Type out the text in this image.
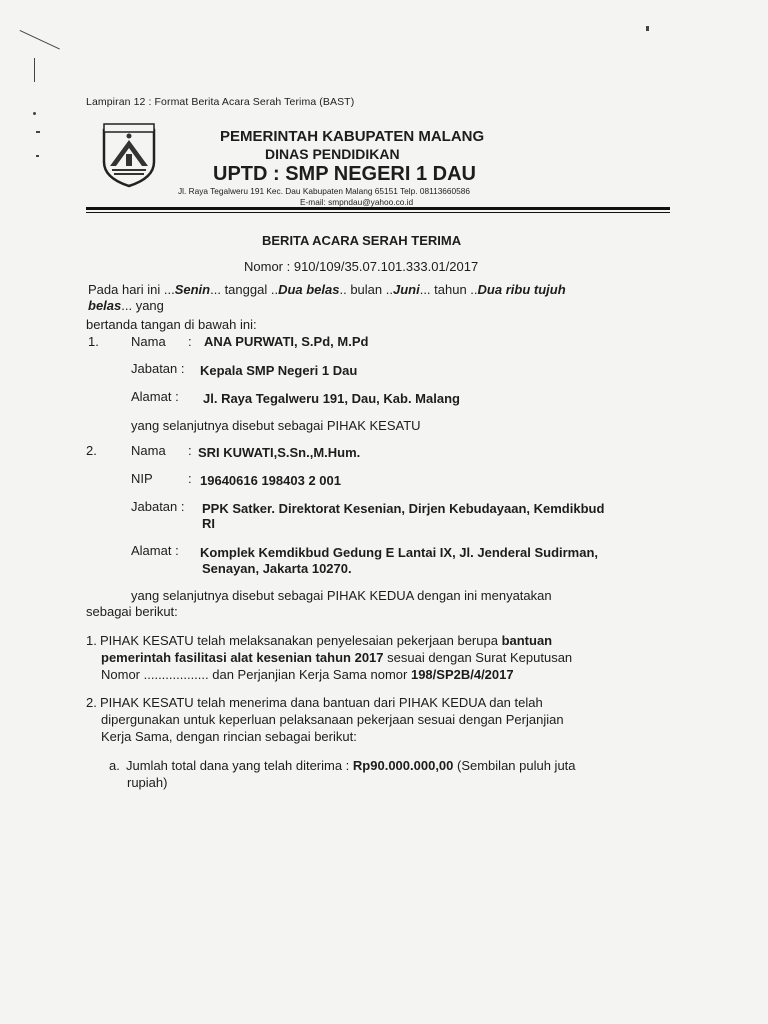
Lampiran 12 : Format Berita Acara Serah Terima (BAST)
PEMERINTAH KABUPATEN MALANG
DINAS PENDIDIKAN
UPTD : SMP NEGERI 1 DAU
Jl. Raya Tegalweru 191 Kec. Dau Kabupaten Malang 65151 Telp. 08113660586
E-mail: smpndau@yahoo.co.id
BERITA ACARA SERAH TERIMA
Nomor : 910/109/35.07.101.333.01/2017
Pada hari ini ...Senin... tanggal ..Dua belas.. bulan ..Juni... tahun ..Dua ribu tujuh
belas... yang
bertanda tangan di bawah ini:
1. Nama : ANA PURWATI, S.Pd, M.Pd
Jabatan : Kepala SMP Negeri 1 Dau
Alamat : Jl. Raya Tegalweru 191, Dau, Kab. Malang
yang selanjutnya disebut sebagai PIHAK KESATU
2.	Nama : SRI KUWATI,S.Sn.,M.Hum.
NIP	: 19640616 198403 2 001
Jabatan : PPK Satker. Direktorat Kesenian, Dirjen Kebudayaan, Kemdikbud
RI
Alamat : Komplek Kemdikbud Gedung E Lantai IX, Jl. Jenderal Sudirman,
Senayan, Jakarta 10270.
yang selanjutnya disebut sebagai PIHAK KEDUA dengan ini menyatakan
sebagai berikut:
1. PIHAK KESATU telah melaksanakan penyelesaian pekerjaan berupa bantuan
pemerintah fasilitasi alat kesenian tahun 2017 sesuai dengan Surat Keputusan
Nomor .................. dan Perjanjian Kerja Sama nomor 198/SP2B/4/2017
2. PIHAK KESATU telah menerima dana bantuan dari PIHAK KEDUA dan telah
dipergunakan untuk keperluan pelaksanaan pekerjaan sesuai dengan Perjanjian
Kerja Sama, dengan rincian sebagai berikut:
a. Jumlah total dana yang telah diterima : Rp90.000.000,00 (Sembilan puluh juta
rupiah)
